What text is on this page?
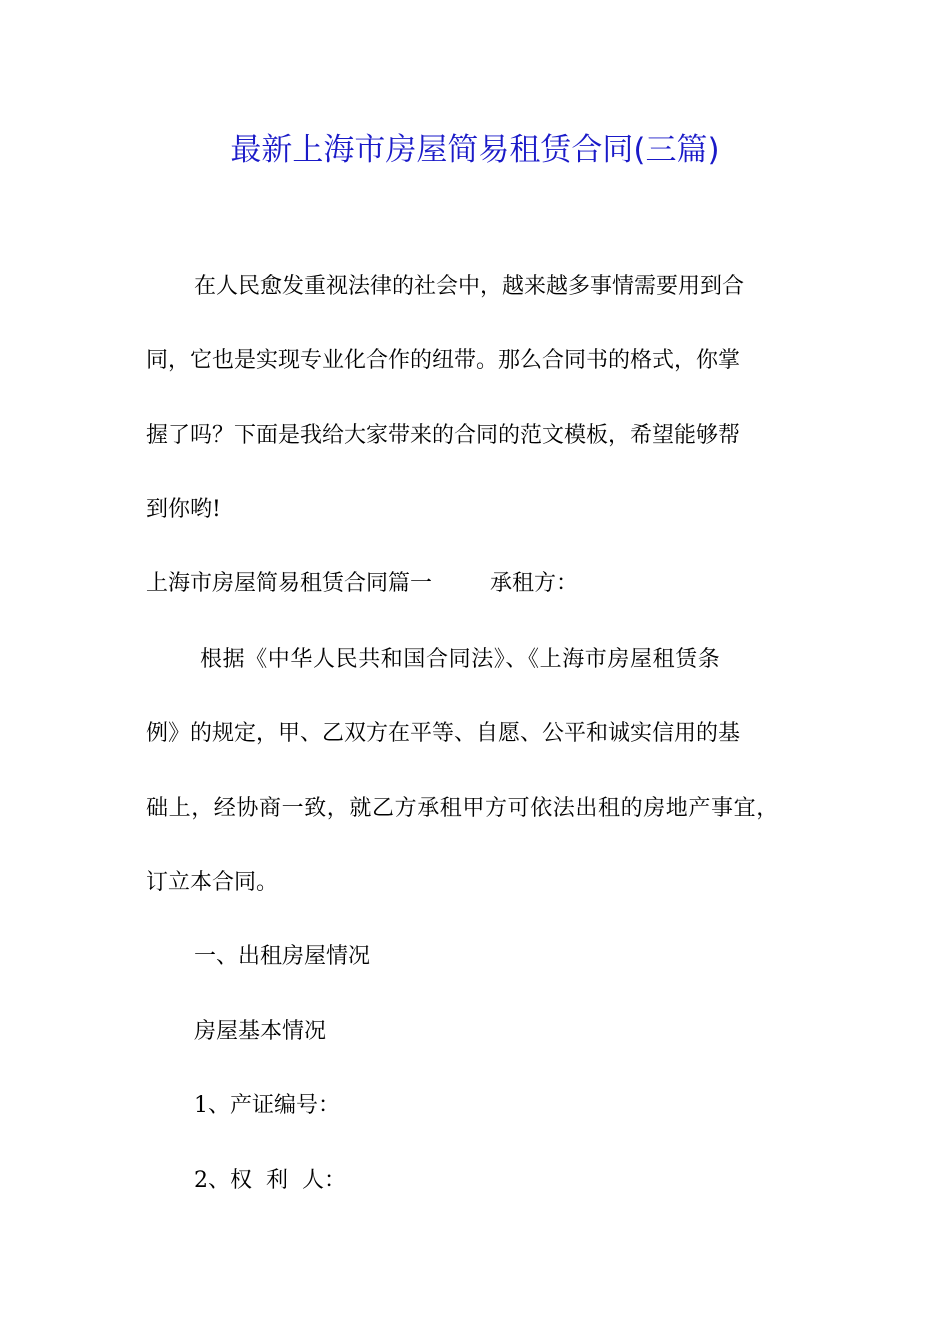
最新上海市房屋简易租赁合同(三篇)

在人民愈发重视法律的社会中，越来越多事情需要用到合

同，它也是实现专业化合作的纽带。那么合同书的格式，你掌

握了吗？下面是我给大家带来的合同的范文模板，希望能够帮

到你哟!

上海市房屋简易租赁合同篇一	承租方：

根据《中华人民共和国合同法》、《上海市房屋租赁条

例》的规定，甲、乙双方在平等、自愿、公平和诚实信用的基

础上，经协商一致，就乙方承租甲方可依法出租的房地产事宜，

订立本合同。

一、出租房屋情况

房屋基本情况

1、产证编号：

2、权  利  人：
